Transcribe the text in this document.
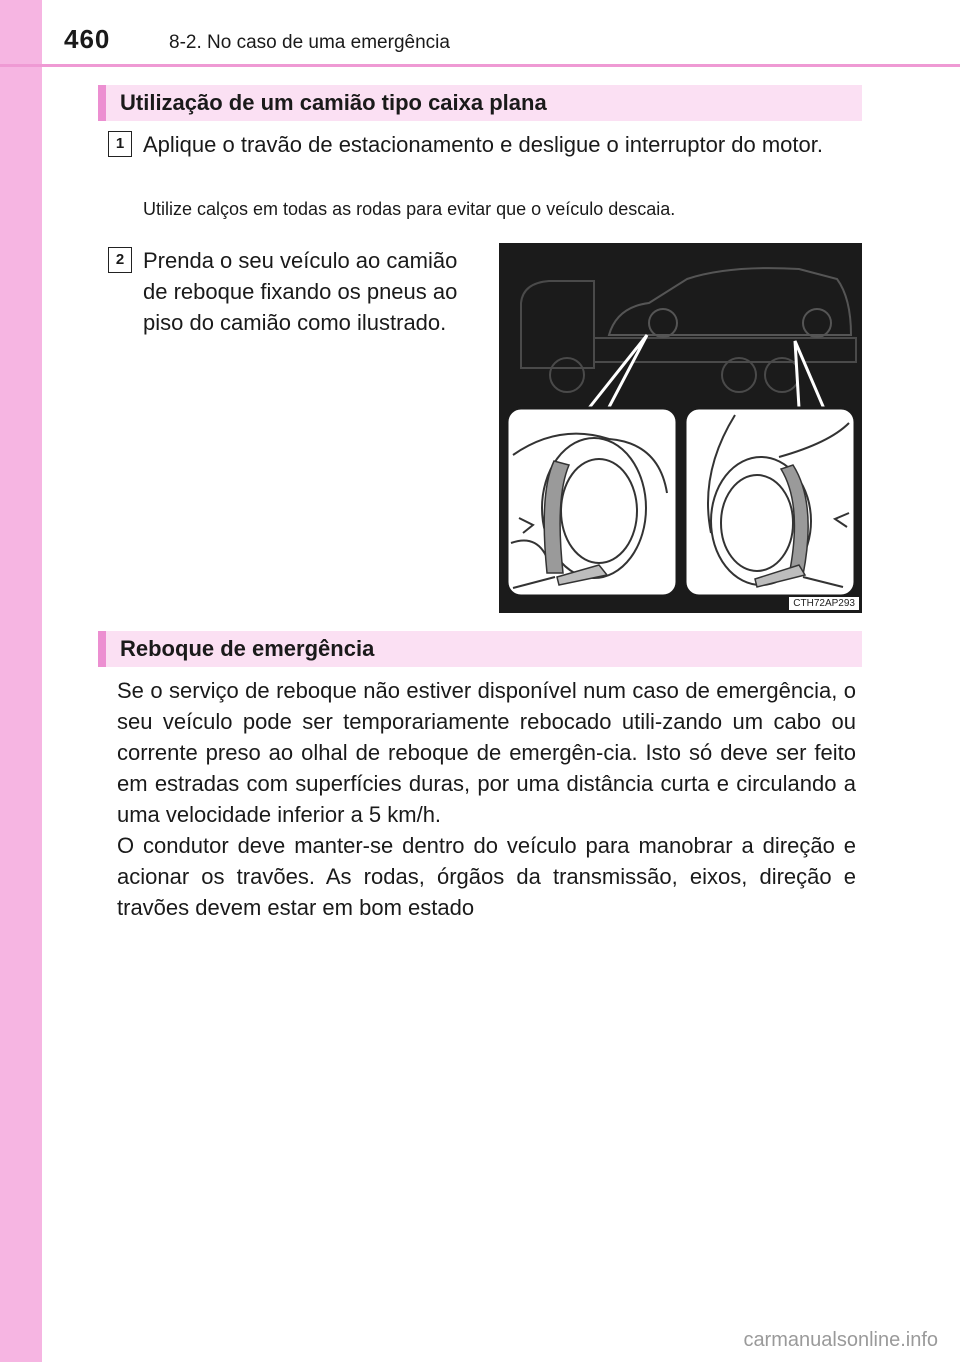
460	8-2. No caso de uma emergência
Utilização de um camião tipo caixa plana
1 Aplique o travão de estacionamento e desligue o interruptor do motor.
Utilize calços em todas as rodas para evitar que o veículo descaia.
2 Prenda o seu veículo ao camião de reboque fixando os pneus ao piso do camião como ilustrado.
CTH72AP293
Reboque de emergência

Se o serviço de reboque não estiver disponível num caso de emergência, o seu veículo pode ser temporariamente rebocado utili-zando um cabo ou corrente preso ao olhal de reboque de emergên-cia. Isto só deve ser feito em estradas com superfícies duras, por uma distância curta e circulando a uma velocidade inferior a 5 km/h.

O condutor deve manter-se dentro do veículo para manobrar a direção e acionar os travões. As rodas, órgãos da transmissão, eixos, direção e travões devem estar em bom estado

carmanualsonline.info
